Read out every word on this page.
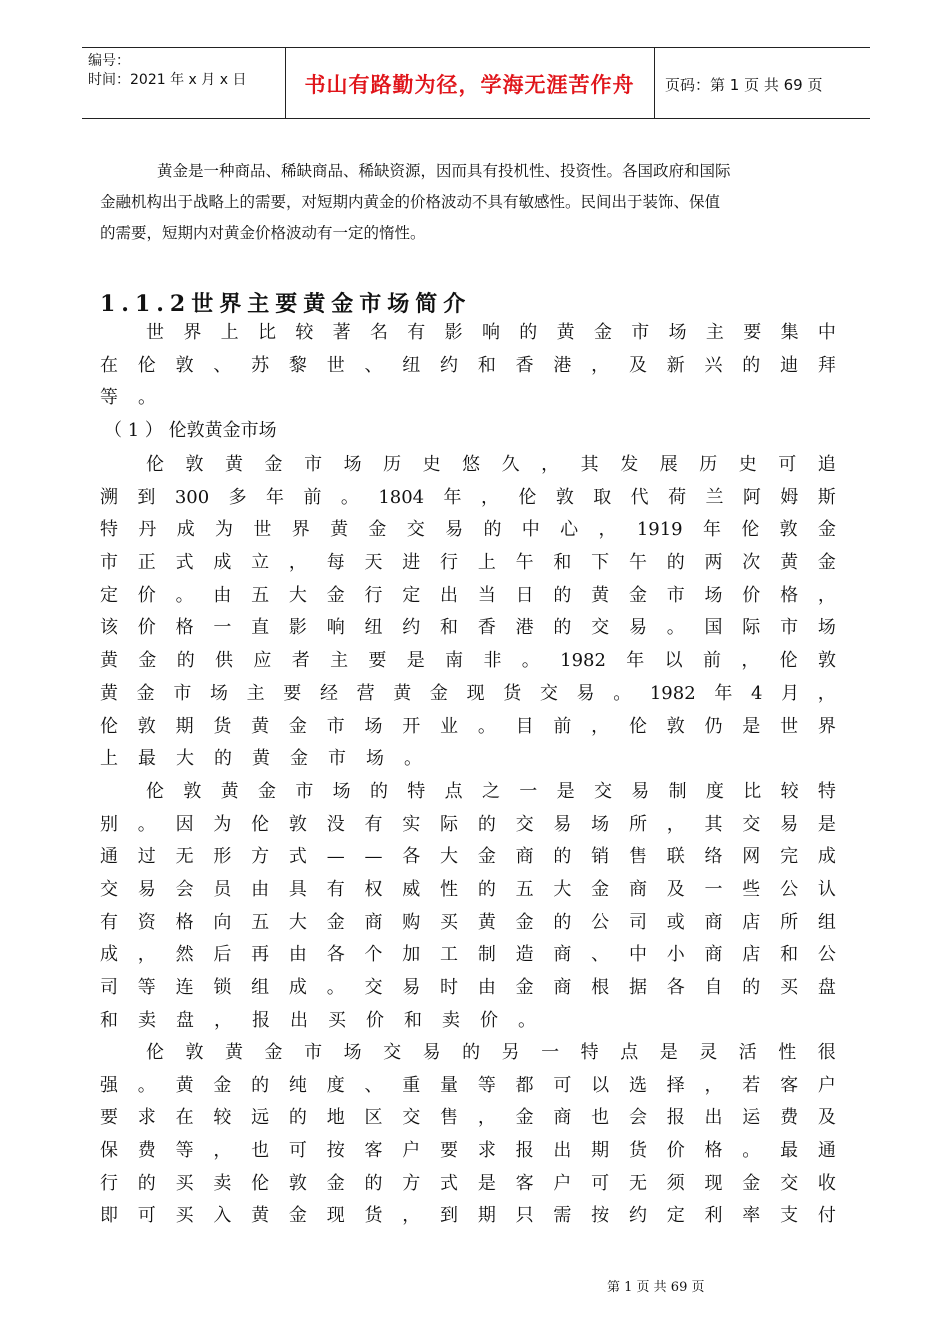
编号：
时间：2021 年 x 月 x 日	书山有路勤为径，学海无涯苦作舟	页码：第 1 页 共 69 页
黄金是一种商品、稀缺商品、稀缺资源，因而具有投机性、投资性。各国政府和国际
金融机构出于战略上的需要，对短期内黄金的价格波动不具有敏感性。民间出于装饰、保值
的需要，短期内对黄金价格波动有一定的惰性。
1.1.2世界主要黄金市场简介
世 界 上 比 较 著 名 有 影 响 的 黄 金 市 场 主 要 集 中
在 伦 敦 、 苏 黎 世 、 纽 约 和 香 港 ， 及 新 兴 的 迪 拜
等 。
（ 1 ） 伦敦黄金市场
伦 敦 黄 金 市 场 历 史 悠 久 ， 其 发 展 历 史 可 追
溯 到 300 多 年 前 。 1804 年 ， 伦 敦 取 代 荷 兰 阿 姆 斯
特 丹 成 为 世 界 黄 金 交 易 的 中 心 ， 1919 年 伦 敦 金
市 正 式 成 立 ， 每 天 进 行 上 午 和 下 午 的 两 次 黄 金
定 价 。 由 五 大 金 行 定 出 当 日 的 黄 金 市 场 价 格 ，
该 价 格 一 直 影 响 纽 约 和 香 港 的 交 易 。 国 际 市 场
黄 金 的 供 应 者 主 要 是 南 非 。 1982 年 以 前 ， 伦 敦
黄 金 市 场 主 要 经 营 黄 金 现 货 交 易 。 1982 年 4 月 ，
伦 敦 期 货 黄 金 市 场 开 业 。 目 前 ， 伦 敦 仍 是 世 界
上 最 大 的 黄 金 市 场 。
伦 敦 黄 金 市 场 的 特 点 之 一 是 交 易 制 度 比 较 特
别 。 因 为 伦 敦 没 有 实 际 的 交 易 场 所 ， 其 交 易 是
通 过 无 形 方 式 — — 各 大 金 商 的 销 售 联 络 网 完 成
交 易 会 员 由 具 有 权 威 性 的 五 大 金 商 及 一 些 公 认
有 资 格 向 五 大 金 商 购 买 黄 金 的 公 司 或 商 店 所 组
成 ， 然 后 再 由 各 个 加 工 制 造 商 、 中 小 商 店 和 公
司 等 连 锁 组 成 。 交 易 时 由 金 商 根 据 各 自 的 买 盘
和 卖 盘 ， 报 出 买 价 和 卖 价 。
伦 敦 黄 金 市 场 交 易 的 另 一 特 点 是 灵 活 性 很
强 。 黄 金 的 纯 度 、 重 量 等 都 可 以 选 择 ， 若 客 户
要 求 在 较 远 的 地 区 交 售 ， 金 商 也 会 报 出 运 费 及
保 费 等 ， 也 可 按 客 户 要 求 报 出 期 货 价 格 。 最 通
行 的 买 卖 伦 敦 金 的 方 式 是 客 户 可 无 须 现 金 交 收
即 可 买 入 黄 金 现 货 ， 到 期 只 需 按 约 定 利 率 支 付
第 1 页 共 69 页
